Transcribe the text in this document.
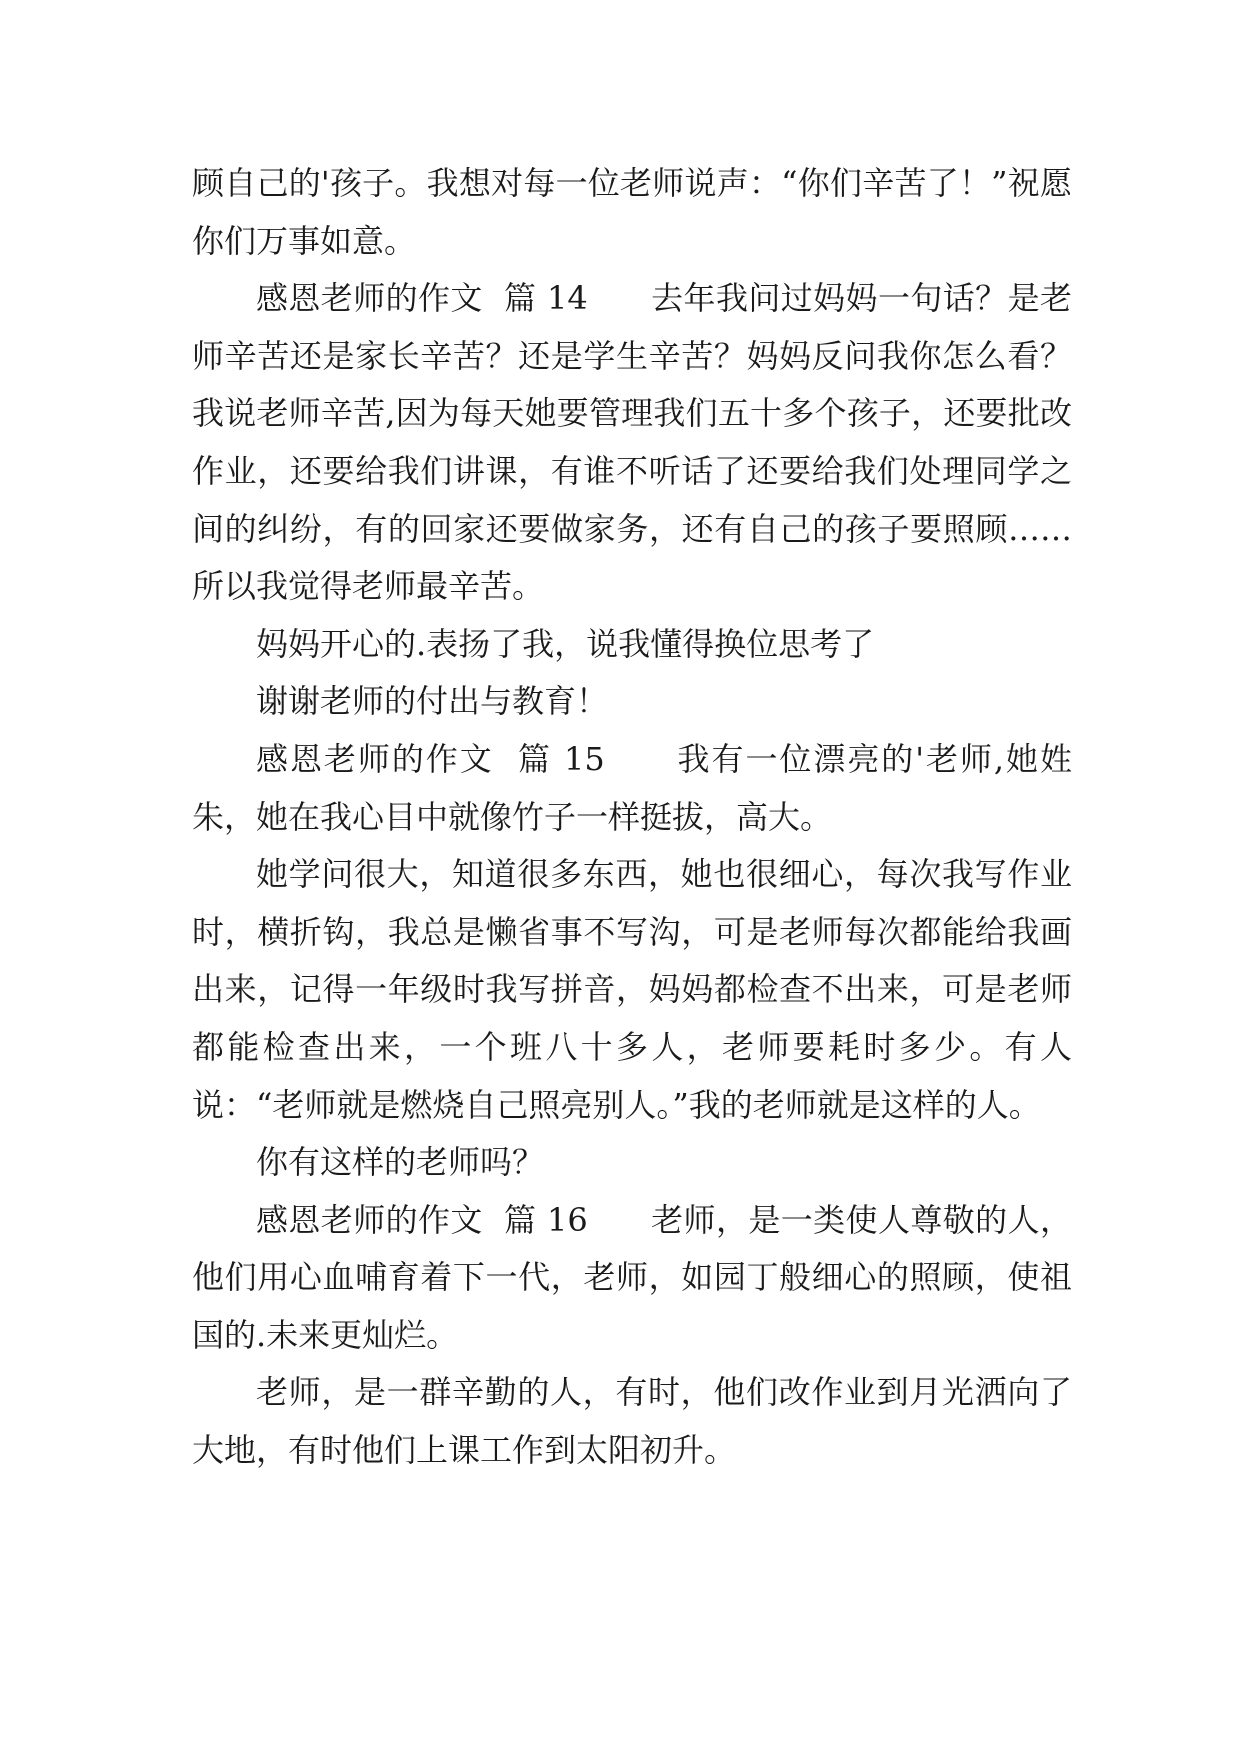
顾自己的'孩子。我想对每一位老师说声：“你们辛苦了！”祝愿你们万事如意。

感恩老师的作文  篇 14      去年我问过妈妈一句话？是老师辛苦还是家长辛苦？还是学生辛苦？妈妈反问我你怎么看？我说老师辛苦,因为每天她要管理我们五十多个孩子，还要批改作业，还要给我们讲课，有谁不听话了还要给我们处理同学之间的纠纷，有的回家还要做家务，还有自己的孩子要照顾……所以我觉得老师最辛苦。

妈妈开心的.表扬了我，说我懂得换位思考了

谢谢老师的付出与教育！

感恩老师的作文  篇 15      我有一位漂亮的'老师,她姓朱，她在我心目中就像竹子一样挺拔，高大。

她学问很大，知道很多东西，她也很细心，每次我写作业时，横折钩，我总是懒省事不写沟，可是老师每次都能给我画出来，记得一年级时我写拼音，妈妈都检查不出来，可是老师都能检查出来，一个班八十多人，老师要耗时多少。有人说：“老师就是燃烧自己照亮别人。”我的老师就是这样的人。

你有这样的老师吗？

感恩老师的作文  篇 16      老师，是一类使人尊敬的人，他们用心血哺育着下一代，老师，如园丁般细心的照顾，使祖国的.未来更灿烂。

老师，是一群辛勤的人，有时，他们改作业到月光洒向了大地，有时他们上课工作到太阳初升。
